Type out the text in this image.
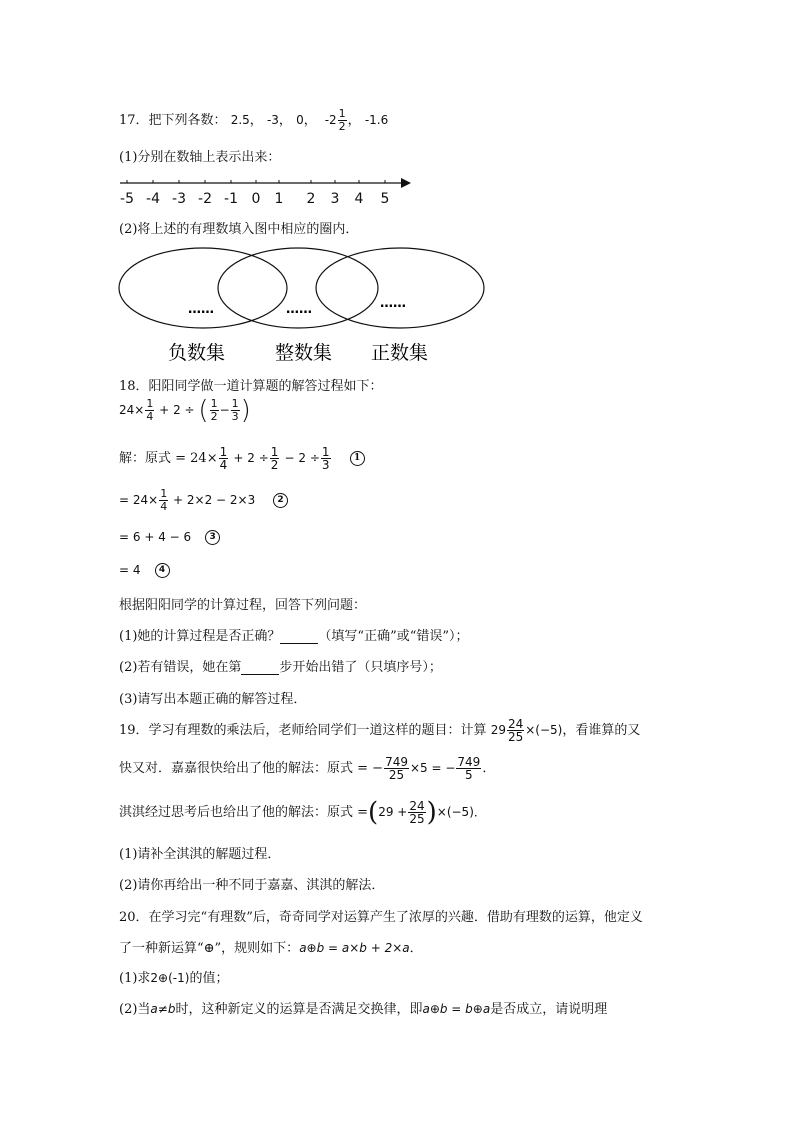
17．把下列各数： 2.5， -3， 0， $-2 \frac{1}{2}$ ， -1.6
(1)分别在数轴上表示出来：
-5 -4 -3 -2 -1 0 1 2 3 4 5
(2)将上述的有理数填入图中相应的圈内．
……	……	……
负数集	整数集 正数集
18．阳阳同学做一道计算题的解答过程如下：
$24\times \frac{1}{4} + 2$ ÷ ( $\frac{1}{2} - \frac{1}{3}$ )
解：原式 = $24\times \frac{1}{4} + 2 \div \frac{1}{2} - 2 \div \frac{1}{3}$	1
= $24\times \frac{1}{4} + 2\times 2 - 2\times 3$ 2
= 6 + 4 − 6 3
= 4 4
根据阳阳同学的计算过程，回答下列问题：
(1)她的计算过程是否正确？	（填写“正确”或“错误”）；
(2)若有错误，她在第	步开始出错了（只填序号）；
(3)请写出本题正确的解答过程．
19．学习有理数的乘法后，老师给同学们一道这样的题目：计算 $29 \frac{24}{25} \times(-5)$，看谁算的又
快又对．嘉嘉很快给出了他的解法：原式 = − $\frac{749}{25} \times 5$ = − $\frac{749}{5}$ ．
淇淇经过思考后也给出了他的解法：原式 $=(29 + \frac{24}{25} )\times(-5)$．
(1)请补全淇淇的解题过程．
(2)请你再给出一种不同于嘉嘉、淇淇的解法．
20．在学习完“有理数”后，奇奇同学对运算产生了浓厚的兴趣．借助有理数的运算，他定义
了一种新运算“⊕”，规则如下：a⊕b = a×b + 2×a．
(1)求2⊕(-1)的值；
(2)当a≠b时，这种新定义的运算是否满足交换律，即a⊕b = b⊕a是否成立，请说明理
